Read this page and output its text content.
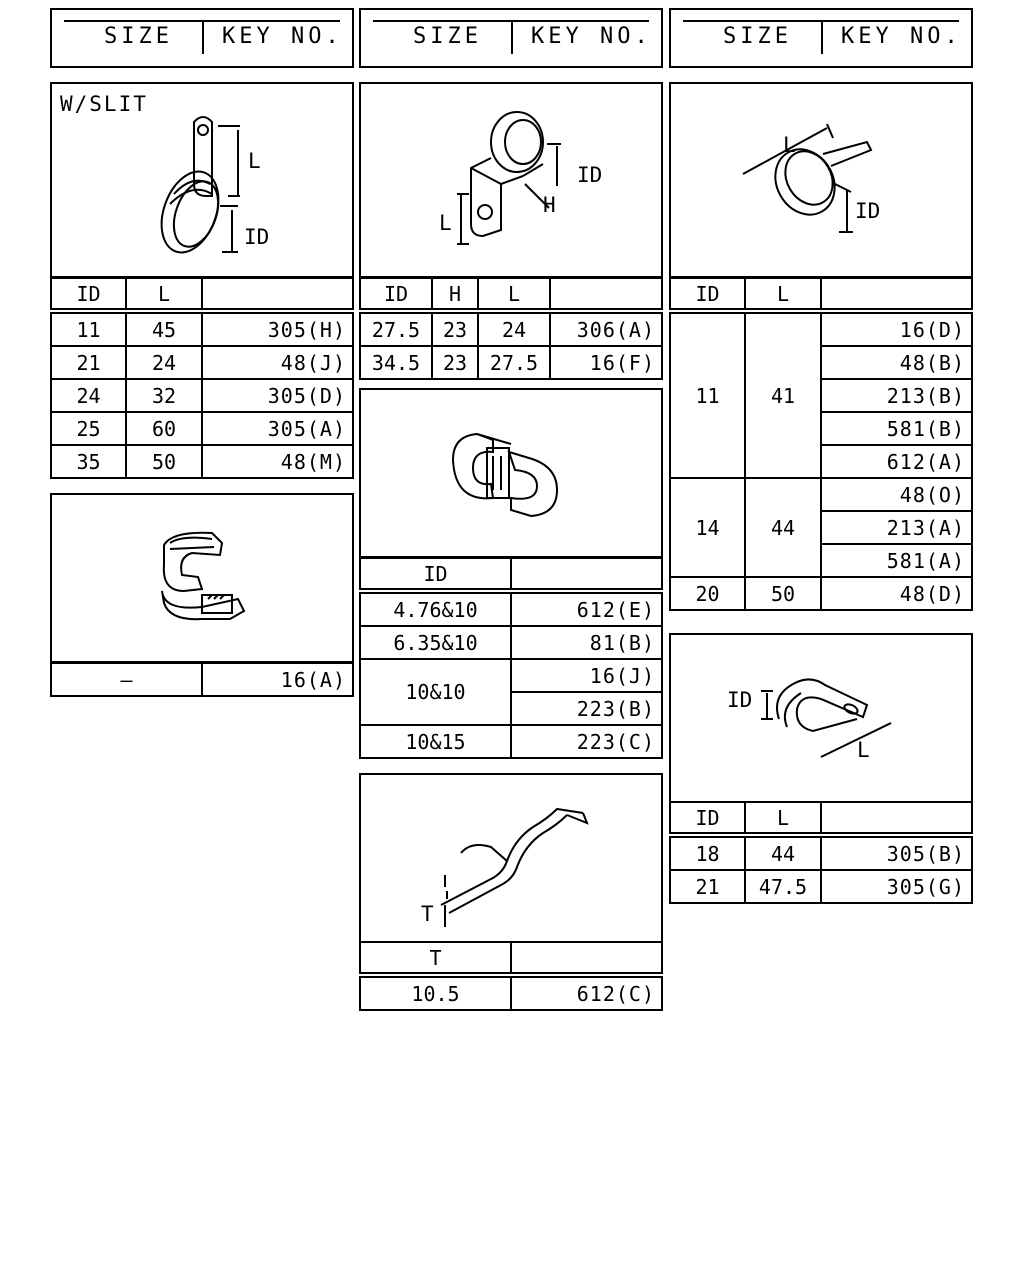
SIZE KEY NO.	SIZE KEY NO.	SIZE KEY NO.
W/SLIT
L
ID
ID	L	
11	45	305(H)
21	24	48(J)
24	32	305(D)
25	60	305(A)
35	50	48(M)
—	16(A)
ID
H
L
ID	H	L	
27.5	23	24	306(A)
34.5	23	27.5	16(F)
ID	
4.76&10	612(E)
6.35&10	81(B)
10&10	16(J)
	223(B)
10&15	223(C)
T
T	
10.5	612(C)
L
ID
ID	L	
11	41	16(D)
		48(B)
		213(B)
		581(B)
		612(A)
14	44	48(O)
		213(A)
		581(A)
20	50	48(D)
ID
L
ID	L	
18	44	305(B)
21	47.5	305(G)
